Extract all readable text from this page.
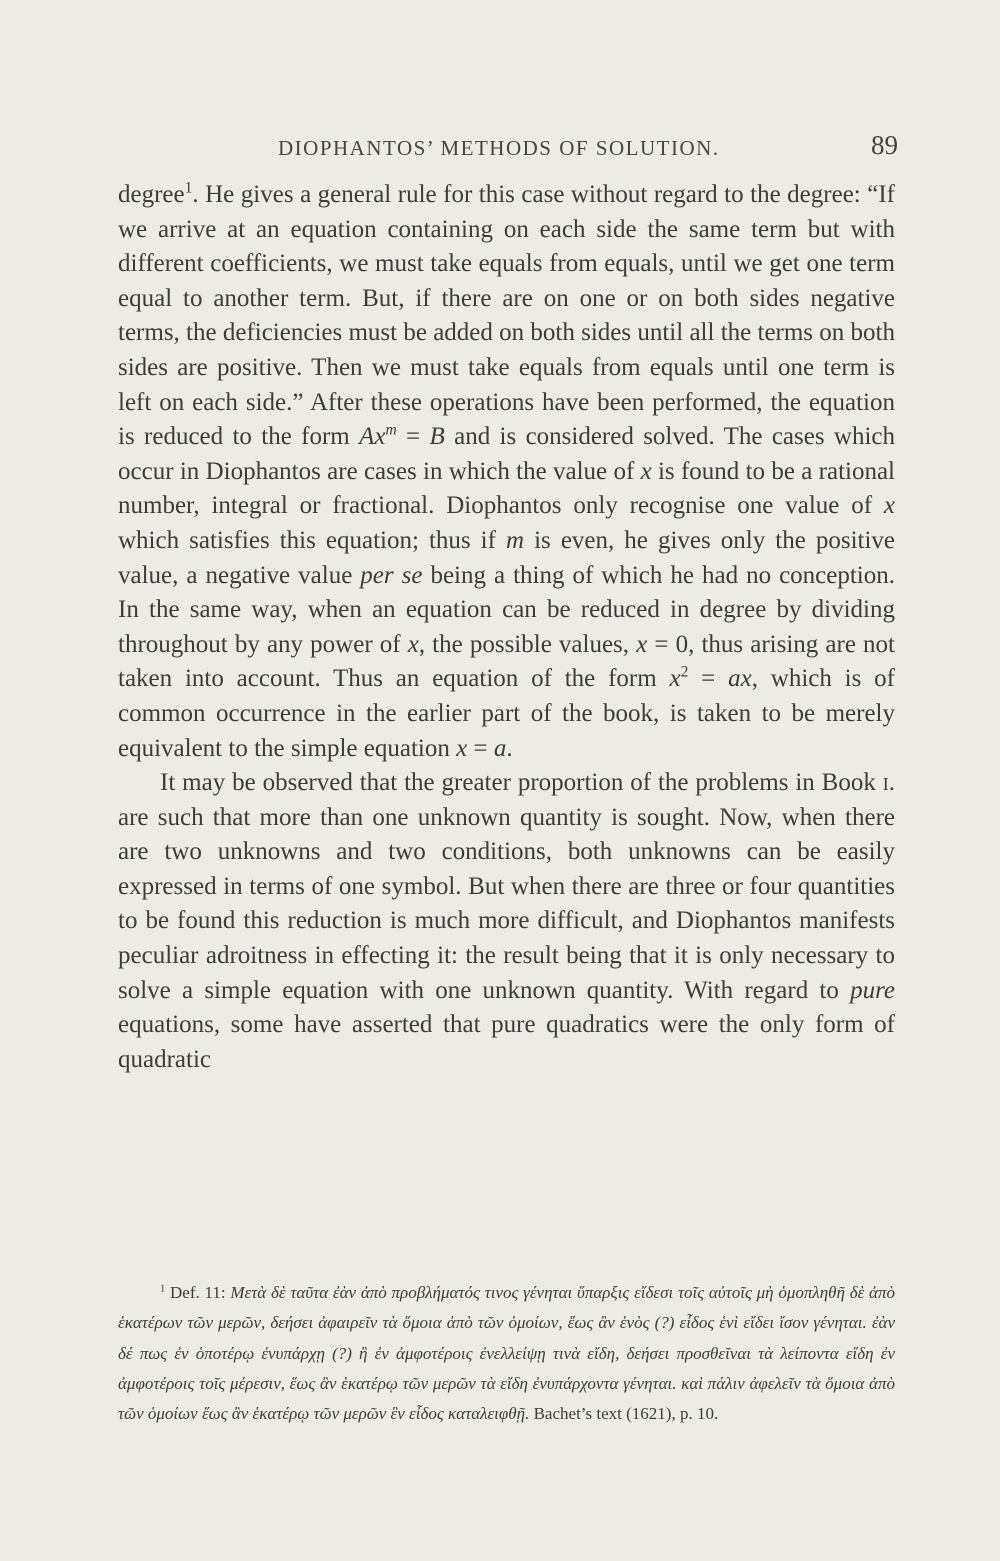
DIOPHANTOS’ METHODS OF SOLUTION.	89

degree$^1$. He gives a general rule for this case without regard to the degree: “If we arrive at an equation containing on each side the same term but with different coefficients, we must take equals from equals, until we get one term equal to another term. But, if there are on one or on both sides negative terms, the deficiencies must be added on both sides until all the terms on both sides are positive. Then we must take equals from equals until one term is left on each side.” After these operations have been performed, the equation is reduced to the form $Ax^m = B$ and is considered solved. The cases which occur in Diophantos are cases in which the value of x is found to be a rational number, integral or fractional. Diophantos only recognise one value of x which satisfies this equation; thus if m is even, he gives only the positive value, a negative value per se being a thing of which he had no conception. In the same way, when an equation can be reduced in degree by dividing throughout by any power of x, the possible values, x = 0, thus arising are not taken into account. Thus an equation of the form $x^2$ = ax, which is of common occurrence in the earlier part of the book, is taken to be merely equivalent to the simple equation x = a.

It may be observed that the greater proportion of the problems in Book i. are such that more than one unknown quantity is sought. Now, when there are two unknowns and two conditions, both unknowns can be easily expressed in terms of one symbol. But when there are three or four quantities to be found this reduction is much more difficult, and Diophantos manifests peculiar adroitness in effecting it: the result being that it is only necessary to solve a simple equation with one unknown quantity. With regard to pure equations, some have asserted that pure quadratics were the only form of quadratic

$^1$ Def. 11: Μετὰ δὲ ταῦτα ἐὰν ἀπὸ προβλήματός τινος γένηται ὕπαρξις εἴδεσι τοῖς αὐτοῖς μὴ ὁμοπληθῆ δὲ ἀπὸ ἑκατέρων τῶν μερῶν, δεήσει ἀφαιρεῖν τὰ ὅμοια ἀπὸ τῶν ὁμοίων, ἕως ἂν ἑνὸς (?) εἶδος ἑνὶ εἴδει ἴσον γένηται. ἐὰν δέ πως ἐν ὁποτέρῳ ἐνυπάρχῃ (?) ἢ ἐν ἀμφοτέροις ἐνελλείψῃ τινὰ εἴδη, δεήσει προσθεῖναι τὰ λείποντα εἴδη ἐν ἀμφοτέροις τοῖς μέρεσιν, ἕως ἂν ἑκατέρῳ τῶν μερῶν τὰ εἴδη ἐνυπάρχοντα γένηται. καὶ πάλιν ἀφελεῖν τὰ ὅμοια ἀπὸ τῶν ὁμοίων ἕως ἂν ἑκατέρῳ τῶν μερῶν ἓν εἶδος καταλειφθῇ. Bachet’s text (1621), p. 10.
